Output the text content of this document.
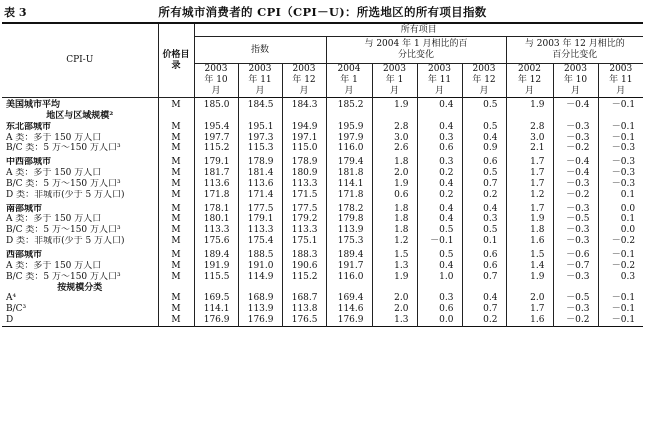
表 3	所有城市消费者的 CPI（CPI－U)：所选地区的所有项目指数
CPI-U	价格目录	所有项目									
		指数			与 2004 年 1 月相比的百分比变化				与 2003 年 12 月相比的百分比变化		
		2003 年 10 月	2003 年 11 月	2003 年 12 月	2004 年 1 月	2003 年 1 月	2003 年 11 月	2003 年 12 月	2002 年 12 月	2003 年 10 月	2003 年 11 月
美国城市平均	M	185.0	184.5	184.3	185.2	1.9	0.4	0.5	1.9	－0.4	－0.1
地区与区域规模²											
东北部城市	M	195.4	195.1	194.9	195.9	2.8	0.4	0.5	2.8	－0.3	－0.1
A 类：多于 150 万人口	M	197.7	197.3	197.1	197.9	3.0	0.3	0.4	3.0	－0.3	－0.1
B/C 类：5 万～150 万人口³	M	115.2	115.3	115.0	116.0	2.6	0.6	0.9	2.1	－0.2	－0.3

中西部城市	M	179.1	178.9	178.9	179.4	1.8	0.3	0.6	1.7	－0.4	－0.3
A 类：多于 150 万人口	M	181.7	181.4	180.9	181.8	2.0	0.2	0.5	1.7	－0.4	－0.3
B/C 类：5 万～150 万人口³	M	113.6	113.6	113.3	114.1	1.9	0.4	0.7	1.7	－0.3	－0.3
D 类：非城市(少于 5 万人口)	M	171.8	171.4	171.5	171.8	0.6	0.2	0.2	1.2	－0.2	0.1

南部城市	M	178.1	177.5	177.5	178.2	1.8	0.4	0.4	1.7	－0.3	0.0
A 类：多于 150 万人口	M	180.1	179.1	179.2	179.8	1.8	0.4	0.3	1.9	－0.5	0.1
B/C 类：5 万～150 万人口³	M	113.3	113.3	113.3	113.9	1.8	0.5	0.5	1.8	－0.3	0.0
D 类：非城市(少于 5 万人口)	M	175.6	175.4	175.1	175.3	1.2	－0.1	0.1	1.6	－0.3	－0.2

西部城市	M	189.4	188.5	188.3	189.4	1.5	0.5	0.6	1.5	－0.6	－0.1
A 类：多于 150 万人口	M	191.9	191.0	190.6	191.7	1.3	0.4	0.6	1.4	－0.7	－0.2
B/C 类：5 万～150 万人口³	M	115.5	114.9	115.2	116.0	1.9	1.0	0.7	1.9	－0.3	0.3
按规模分类											
A⁴	M	169.5	168.9	168.7	169.4	2.0	0.3	0.4	2.0	－0.5	－0.1
B/C³	M	114.1	113.9	113.8	114.6	2.0	0.6	0.7	1.7	－0.3	－0.1
D	M	176.9	176.9	176.5	176.9	1.3	0.0	0.2	1.6	－0.2	－0.1
